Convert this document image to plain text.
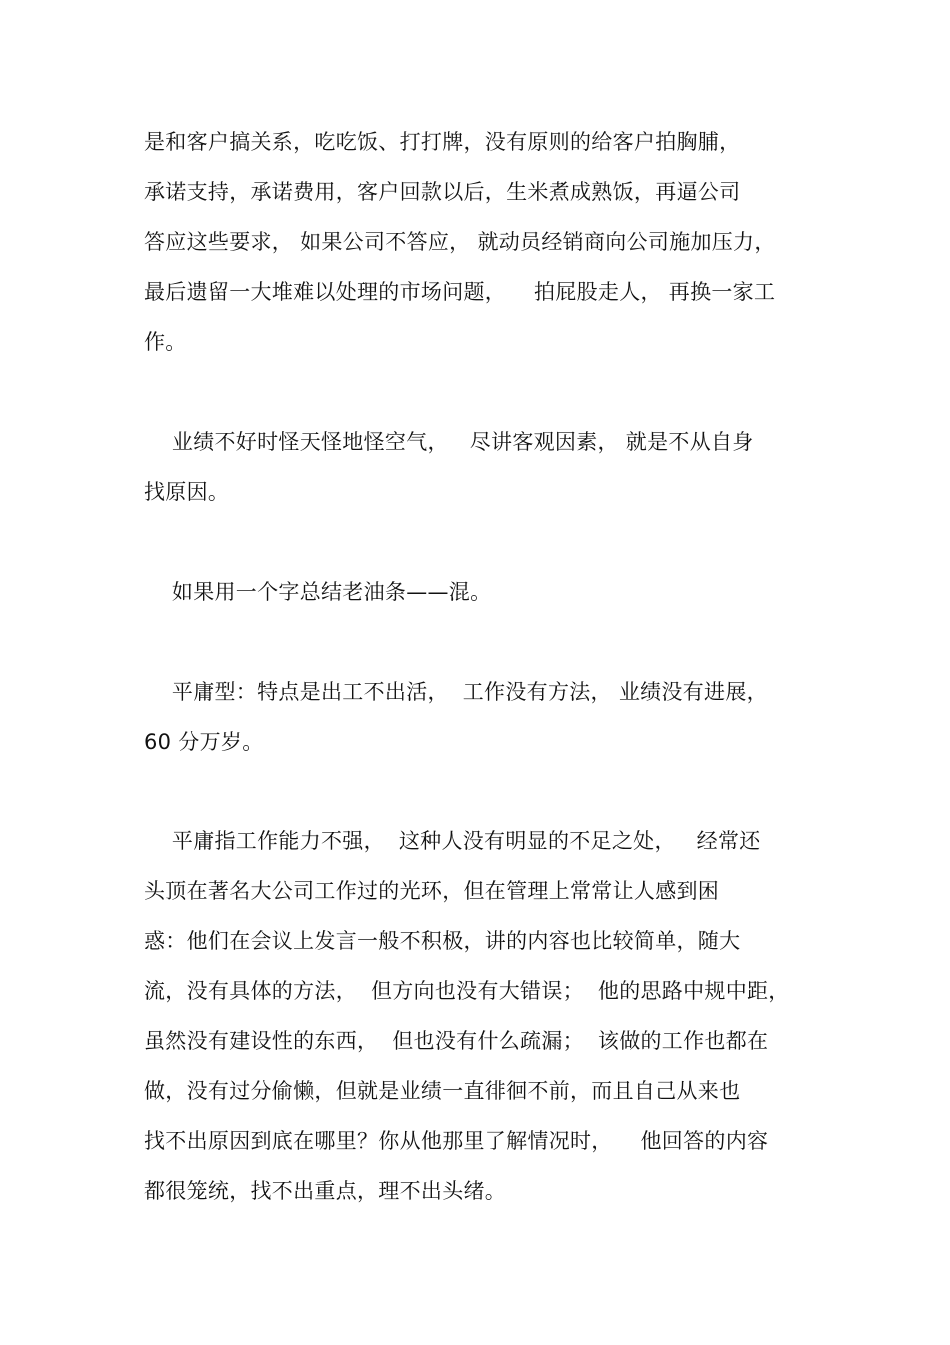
是和客户搞关系，吃吃饭、打打牌，没有原则的给客户拍胸脯，
承诺支持，承诺费用，客户回款以后，生米煮成熟饭，再逼公司
答应这些要求， 如果公司不答应， 就动员经销商向公司施加压力，
最后遗留一大堆难以处理的市场问题，    拍屁股走人， 再换一家工
作。
业绩不好时怪天怪地怪空气，   尽讲客观因素， 就是不从自身
找原因。
如果用一个字总结老油条——混。
平庸型：特点是出工不出活，  工作没有方法， 业绩没有进展，
60 分万岁。
平庸指工作能力不强，  这种人没有明显的不足之处，   经常还
头顶在著名大公司工作过的光环，但在管理上常常让人感到困
惑：他们在会议上发言一般不积极，讲的内容也比较简单，随大
流，没有具体的方法，  但方向也没有大错误；  他的思路中规中距，
虽然没有建设性的东西，  但也没有什么疏漏；  该做的工作也都在
做，没有过分偷懒，但就是业绩一直徘徊不前，而且自己从来也
找不出原因到底在哪里？你从他那里了解情况时，    他回答的内容
都很笼统，找不出重点，理不出头绪。
